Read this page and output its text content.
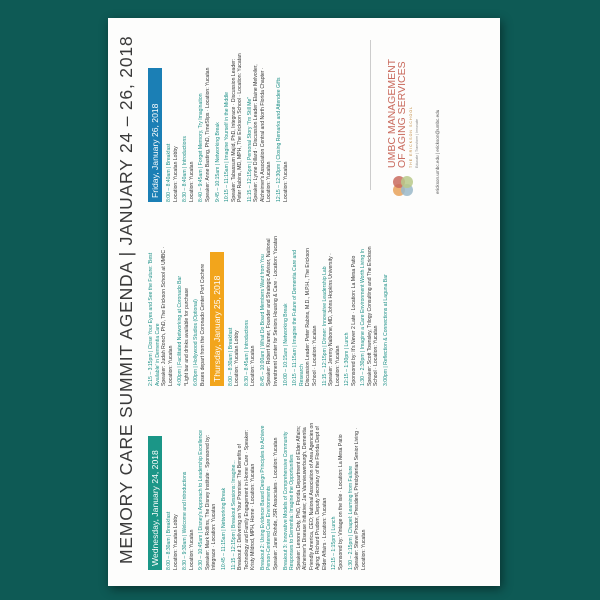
MEMORY CARE SUMMIT AGENDA | JANUARY 24 – 26, 2018 Wednesday, January 24, 2018	8:00 – 8:30am | Breakfast Location: Yucatan Lobby 8:30 – 9:30am | Welcome and Introductions Location: Yucatan 9:30 – 10:45am | Disney's Approach to Leadership Excellence Speaker: Mark Rollins, The Disney Institute · Sponsored by: Integrace · Location: Yucatan 10:45 – 11:15am | Networking Break 11:15 – 12:15pm | Breakout Sessions: Imagine... Breakout 1: Delivering on Your Promise: The Benefits of Technology and Family Engagement in Home Care · Speaker: Kristy Mildrod, MPH, Home · Location: Yucatan Breakout 2: Using Evidence Based Design Principles to Achieve Person-Centered Care Environments Speaker: Jane Rohde, JSR Associates · Location: Yucatan Breakout 3: Innovative Models of Comprehensive Community Responses to Dementia: Imagine the Opportunities Speaker: Lenore Doty, PhD, Florida Department of Elder Affairs; Alzheimer's Disease Initiative; Jan Vannieuwerburgh, Dementia Friendly America, CEO; National Association of Area Agencies on Aging; Richard Prudom, Deputy Secretary of the Florida Dept of Elder Affairs · Location: Yucatan 12:15 – 1:15pm | Lunch Sponsored by: Vintage on the Isle · Location: La Mesa Patio 1:30 – 2:15pm | Chapel: Learning from Failure Speaker: Steve Proctor, President, Presbyterian Senior Living · Location: Yucatan
2:15 – 3:15pm | Close Your Eyes and See the Future: 'Best Available' in Dementia Care Speaker: Judah Ronch, PhD, The Erickson School at UMBC · Location: Yucatan 4:00pm | Facilitated Networking at Coronado Bar *Light bar and drinks available for purchase 6:00pm | Hollywood Studios (Optional) Buses depart from the Coronado Center Port Cochere Thursday, January 25, 2018	8:00 – 8:30am | Breakfast Location: Yucatan Lobby 8:30 – 8:45am | Introductions Location: Yucatan 8:45 – 10:00am | What Do Board Members Want from You Speaker: Robert Kramer, Founder and Strategic Advisor, National Investment Center for Seniors Housing & Care · Location: Yucatan 10:00 – 10:15am | Networking Break 10:15 – 11:15am | Imagine the Future of Dementia Care and Research Discussion Leader: Peter Rabins, M.D., M.P.H., The Erickson School · Location: Yucatan 11:15 – 12:15pm | Dinner: Innovative Leadership Lab Speaker: Jeremy Nalbone, MD, Johns Hopkins University · Location: Yucatan 12:15 – 1:30pm | Lunch Sponsored by: It's Never 2 Late · Location: La Mesa Patio 1:30 – 2:30pm | Imagine a Care Environment Worth Living In Speaker: Scott Townsley, Trilogy Consulting and The Erickson School · Location: Yucatan 3:00pm | Reflection & Connections at Laguna Bar
Friday, January 26, 2018	8:00 – 8:40am | Breakfast Location: Yucatan Lobby 8:30 – 8:40am | Introductions Location: Yucatan 8:40 – 9:45am | Forget Memory, Try Imagination Speaker: Anne Basting, PhD, TimeSlips · Location: Yucatan 9:45 – 10:15am | Networking Break 10:15 – 11:15am | Imagine Yourself in the Middle Speaker: Tabassum Majid, PhD, Integrace · Discussion Leader: Peter Rabins, MD, MPH, The Erickson School · Location: Yucatan 11:15 – 12:15pm | Personal Story "I'm Still Me" Speaker: Lynne Dillard · Discussion Leader: Elaine Melvoiler, Alzheimer's Association Central and North Florida Chapter · Location: Yucatan 12:15 – 12:30pm | Closing Remarks and Attendee Gifts Location: Yucatan
UMBC MANAGEMENT
OF AGING SERVICES THE ERICKSON SCHOOL Educate | Transform | Innovate	erickson.umbc.edu | erickson@umbc.edu
